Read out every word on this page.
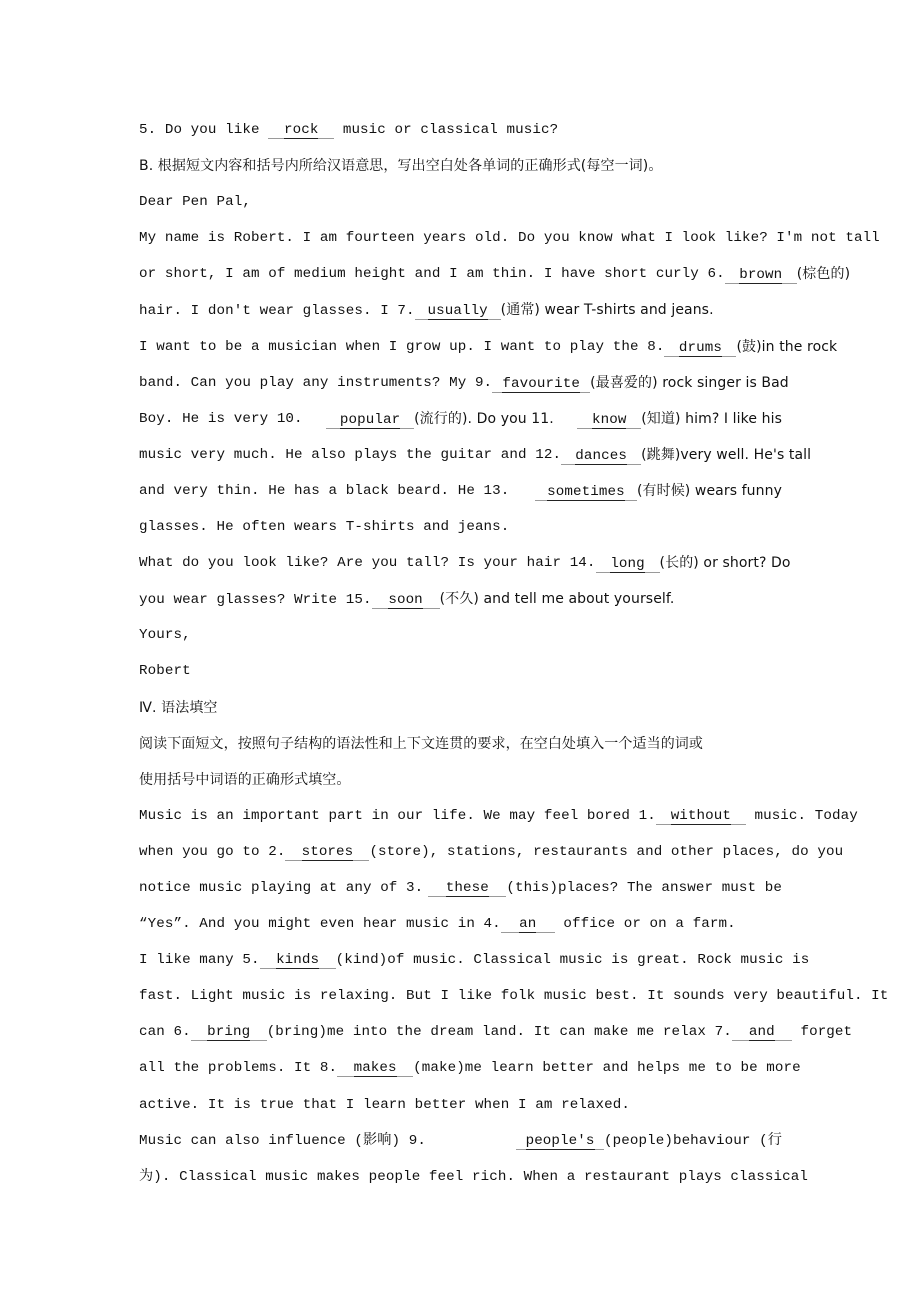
5. Do you like rock music or classical music?
B. 根据短文内容和括号内所给汉语意思，写出空白处各单词的正确形式(每空一词)。
Dear Pen Pal,
My name is Robert. I am fourteen years old. Do you know what I look like? I'm not tall
or short, I am of medium height and I am thin. I have short curly 6.	brown (棕色的)
hair. I don't wear glasses. I 7. usually (通常) wear T-shirts and jeans.
I want to be a musician when I grow up. I want to play the 8.	drums (鼓)in the rock
band. Can you play any instruments? My 9. favourite (最喜爱的) rock singer is Bad
Boy. He is very 10.	popular (流行的). Do you 11.	know (知道) him? I like his
music very much. He also plays the guitar and 12. dances (跳舞)very well. He's tall
and very thin. He has a black beard. He 13.	sometimes (有时候) wears funny
glasses. He often wears T-shirts and jeans.
What do you look like? Are you tall? Is your hair 14.	long (长的) or short? Do
you wear glasses? Write 15. soon (不久) and tell me about yourself.
Yours,
Robert
Ⅳ. 语法填空
阅读下面短文，按照句子结构的语法性和上下文连贯的要求，在空白处填入一个适当的词或
使用括号中词语的正确形式填空。
Music is an important part in our life. We may feel bored 1.	without music. Today
when you go to 2.	stores (store), stations, restaurants and other places, do you
notice music playing at any of 3.	these (this)places? The answer must be
“Yes”. And you might even hear music in 4. an office or on a farm.
I like many 5.	kinds (kind)of music. Classical music is great. Rock music is
fast. Light music is relaxing. But I like folk music best. It sounds very beautiful. It
can 6.	bring (bring)me into the dream land. It can make me relax 7.	and forget
all the problems. It 8.	makes (make)me learn better and helps me to be more
active. It is true that I learn better when I am relaxed.
Music can also influence (影响) 9.	people's (people)behaviour (行
为). Classical music makes people feel rich. When a restaurant plays classical
